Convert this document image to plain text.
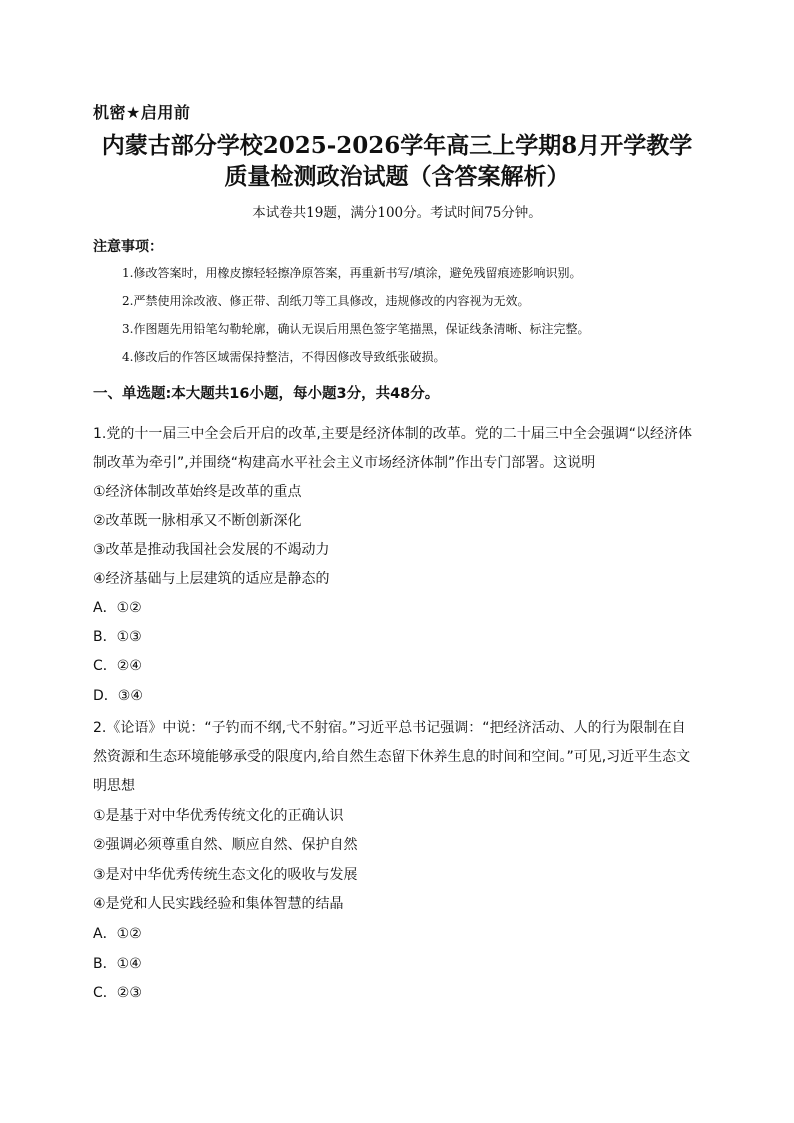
机密★启用前
内蒙古部分学校2025-2026学年高三上学期8月开学教学
质量检测政治试题（含答案解析）
本试卷共19题，满分100分。考试时间75分钟。
注意事项：
1.修改答案时，用橡皮擦轻轻擦净原答案，再重新书写/填涂，避免残留痕迹影响识别。
2.严禁使用涂改液、修正带、刮纸刀等工具修改，违规修改的内容视为无效。
3.作图题先用铅笔勾勒轮廓，确认无误后用黑色签字笔描黑，保证线条清晰、标注完整。
4.修改后的作答区域需保持整洁，不得因修改导致纸张破损。
一、单选题:本大题共16小题，每小题3分，共48分。
1.党的十一届三中全会后开启的改革,主要是经济体制的改革。党的二十届三中全会强调“以经济体
制改革为牵引”,并围绕“构建高水平社会主义市场经济体制”作出专门部署。这说明
①经济体制改革始终是改革的重点
②改革既一脉相承又不断创新深化
③改革是推动我国社会发展的不竭动力
④经济基础与上层建筑的适应是静态的
A．①②
B．①③
C．②④
D．③④
2.《论语》中说：“子钓而不纲,弋不射宿。”习近平总书记强调：“把经济活动、人的行为限制在自
然资源和生态环境能够承受的限度内,给自然生态留下休养生息的时间和空间。”可见,习近平生态文
明思想
①是基于对中华优秀传统文化的正确认识
②强调必须尊重自然、顺应自然、保护自然
③是对中华优秀传统生态文化的吸收与发展
④是党和人民实践经验和集体智慧的结晶
A．①②
B．①④
C．②③
